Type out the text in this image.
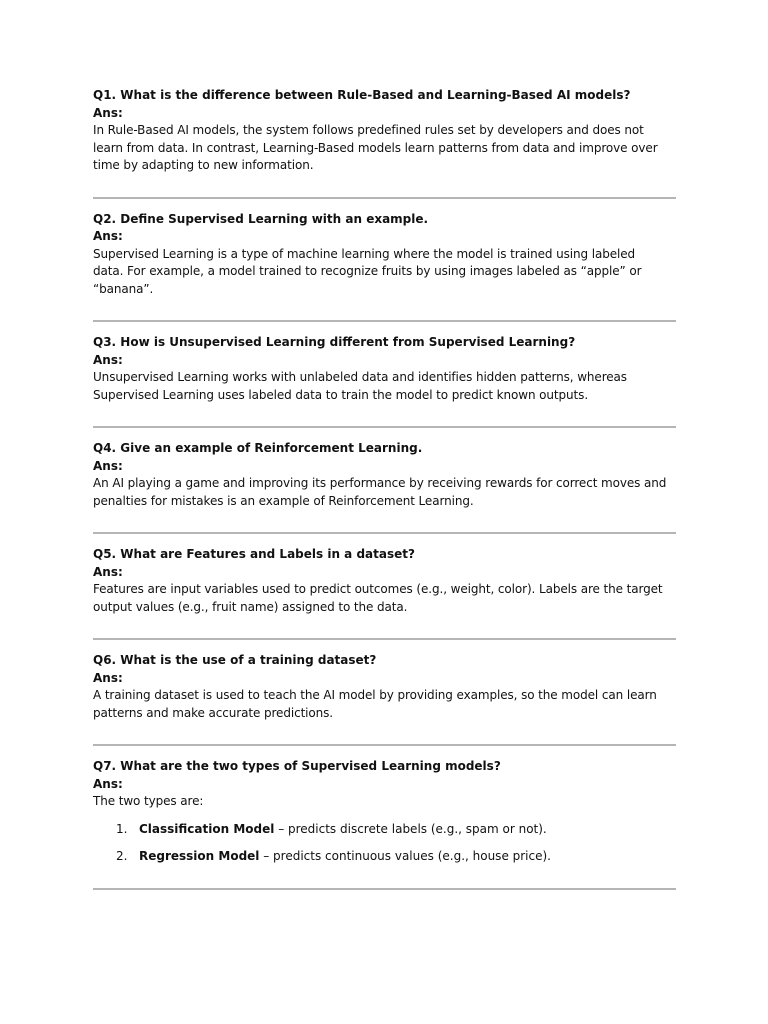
Q1. What is the difference between Rule-Based and Learning-Based AI models?

Ans:

In Rule-Based AI models, the system follows predefined rules set by developers and does not

learn from data. In contrast, Learning-Based models learn patterns from data and improve over

time by adapting to new information.

Q2. Define Supervised Learning with an example.

Ans:

Supervised Learning is a type of machine learning where the model is trained using labeled

data. For example, a model trained to recognize fruits by using images labeled as “apple” or

“banana”.

Q3. How is Unsupervised Learning different from Supervised Learning?

Ans:

Unsupervised Learning works with unlabeled data and identifies hidden patterns, whereas

Supervised Learning uses labeled data to train the model to predict known outputs.

Q4. Give an example of Reinforcement Learning.

Ans:

An AI playing a game and improving its performance by receiving rewards for correct moves and

penalties for mistakes is an example of Reinforcement Learning.

Q5. What are Features and Labels in a dataset?

Ans:

Features are input variables used to predict outcomes (e.g., weight, color). Labels are the target

output values (e.g., fruit name) assigned to the data.

Q6. What is the use of a training dataset?

Ans:

A training dataset is used to teach the AI model by providing examples, so the model can learn

patterns and make accurate predictions.

Q7. What are the two types of Supervised Learning models?

Ans:

The two types are:

1. Classification Model – predicts discrete labels (e.g., spam or not).
2. Regression Model – predicts continuous values (e.g., house price).
